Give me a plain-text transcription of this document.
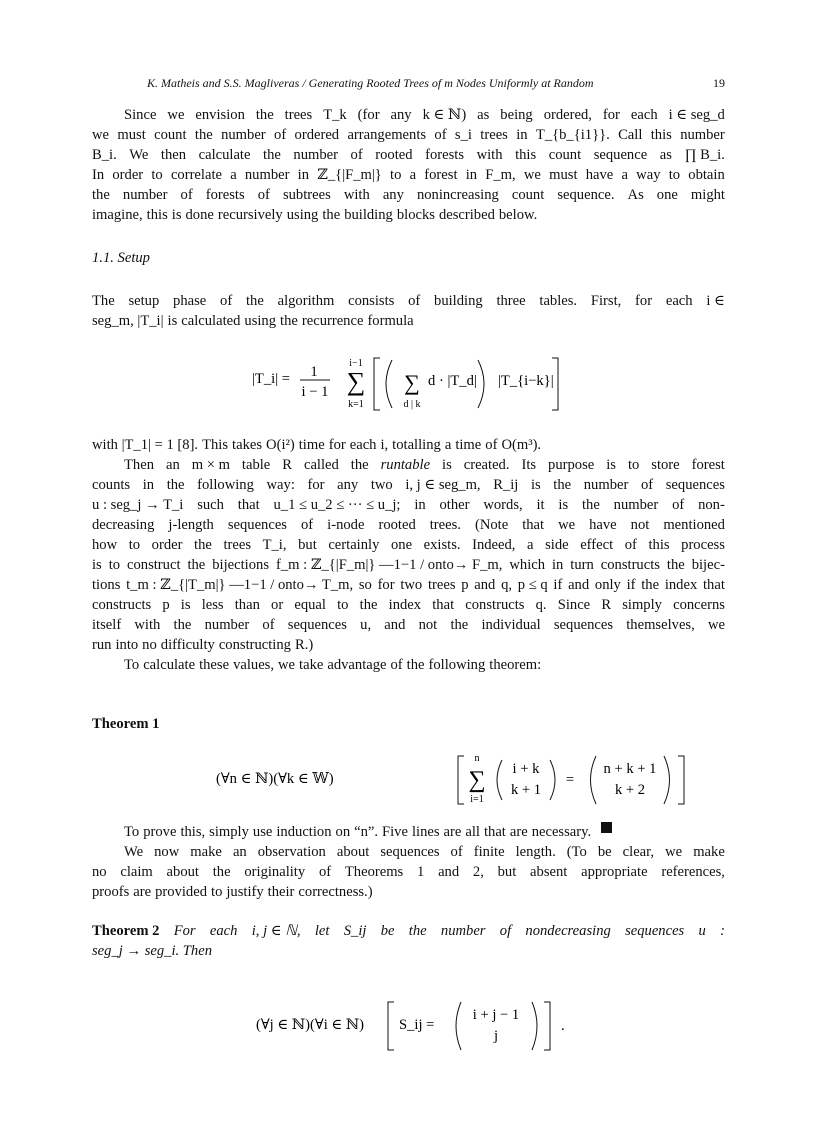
K. Matheis and S.S. Magliveras / Generating Rooted Trees of m Nodes Uniformly at Random	19
Since we envision the trees T_k (for any k ∈ ℕ) as being ordered, for each i ∈ seg_d
we must count the number of ordered arrangements of s_i trees in T_{b_{i1}}. Call this number
B_i. We then calculate the number of rooted forests with this count sequence as ∏ B_i.
In order to correlate a number in ℤ_{|F_m|} to a forest in F_m, we must have a way to obtain
the number of forests of subtrees with any nonincreasing count sequence. As one might
imagine, this is done recursively using the building blocks described below.
1.1. Setup
The setup phase of the algorithm consists of building three tables. First, for each i ∈
seg_m, |T_i| is calculated using the recurrence formula
|T_i| = 1
i − 1
i−1
∑
k=1
∑
d | k
d · |T_d| |T_{i−k}|
with |T_1| = 1 [8]. This takes O(i²) time for each i, totalling a time of O(m³).
Then an m × m table R called the runtable is created. Its purpose is to store forest
counts in the following way: for any two i, j ∈ seg_m, R_ij is the number of sequences
u : seg_j → T_i such that u_1 ≤ u_2 ≤ ··· ≤ u_j; in other words, it is the number of non-
decreasing j-length sequences of i-node rooted trees. (Note that we have not mentioned
how to order the trees T_i, but certainly one exists. Indeed, a side effect of this process
is to construct the bijections f_m : ℤ_{|F_m|} —1−1 / onto→ F_m, which in turn constructs the bijec-
tions t_m : ℤ_{|T_m|} —1−1 / onto→ T_m, so for two trees p and q, p ≤ q if and only if the index that
constructs p is less than or equal to the index that constructs q. Since R simply concerns
itself with the number of sequences u, and not the individual sequences themselves, we
run into no difficulty constructing R.)
To calculate these values, we take advantage of the following theorem:
Theorem 1
(∀n ∈ ℕ)(∀k ∈ 𝕎)
n
∑
i=1
i + k
k + 1
=
n + k + 1
k + 2
To prove this, simply use induction on “n”. Five lines are all that are necessary.
We now make an observation about sequences of finite length. (To be clear, we make
no claim about the originality of Theorems 1 and 2, but absent appropriate references,
proofs are provided to justify their correctness.)
Theorem 2 For each i, j ∈ ℕ, let S_ij be the number of nondecreasing sequences u :
seg_j → seg_i. Then
(∀j ∈ ℕ)(∀i ∈ ℕ) S_ij =
i + j − 1
j
.
